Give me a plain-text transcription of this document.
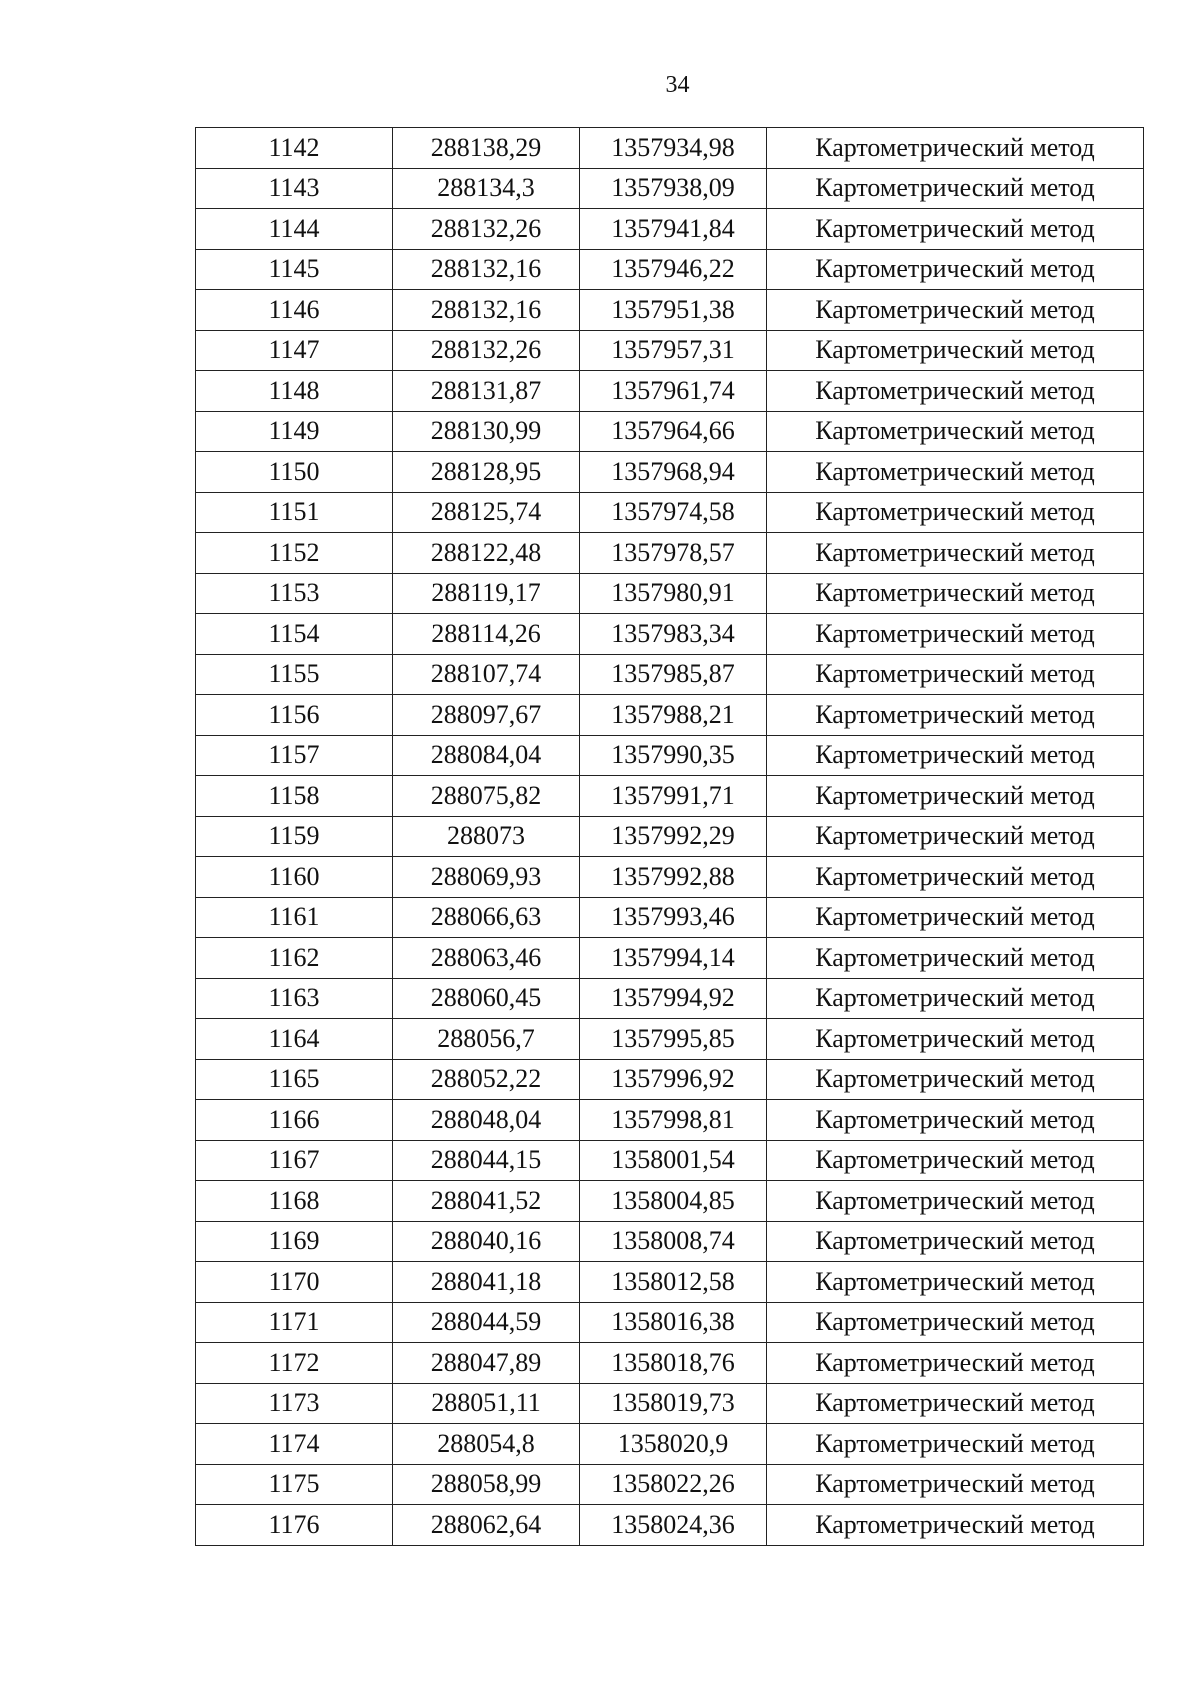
34
1142	288138,29	1357934,98	Картометрический метод
1143	288134,3	1357938,09	Картометрический метод
1144	288132,26	1357941,84	Картометрический метод
1145	288132,16	1357946,22	Картометрический метод
1146	288132,16	1357951,38	Картометрический метод
1147	288132,26	1357957,31	Картометрический метод
1148	288131,87	1357961,74	Картометрический метод
1149	288130,99	1357964,66	Картометрический метод
1150	288128,95	1357968,94	Картометрический метод
1151	288125,74	1357974,58	Картометрический метод
1152	288122,48	1357978,57	Картометрический метод
1153	288119,17	1357980,91	Картометрический метод
1154	288114,26	1357983,34	Картометрический метод
1155	288107,74	1357985,87	Картометрический метод
1156	288097,67	1357988,21	Картометрический метод
1157	288084,04	1357990,35	Картометрический метод
1158	288075,82	1357991,71	Картометрический метод
1159	288073	1357992,29	Картометрический метод
1160	288069,93	1357992,88	Картометрический метод
1161	288066,63	1357993,46	Картометрический метод
1162	288063,46	1357994,14	Картометрический метод
1163	288060,45	1357994,92	Картометрический метод
1164	288056,7	1357995,85	Картометрический метод
1165	288052,22	1357996,92	Картометрический метод
1166	288048,04	1357998,81	Картометрический метод
1167	288044,15	1358001,54	Картометрический метод
1168	288041,52	1358004,85	Картометрический метод
1169	288040,16	1358008,74	Картометрический метод
1170	288041,18	1358012,58	Картометрический метод
1171	288044,59	1358016,38	Картометрический метод
1172	288047,89	1358018,76	Картометрический метод
1173	288051,11	1358019,73	Картометрический метод
1174	288054,8	1358020,9	Картометрический метод
1175	288058,99	1358022,26	Картометрический метод
1176	288062,64	1358024,36	Картометрический метод
